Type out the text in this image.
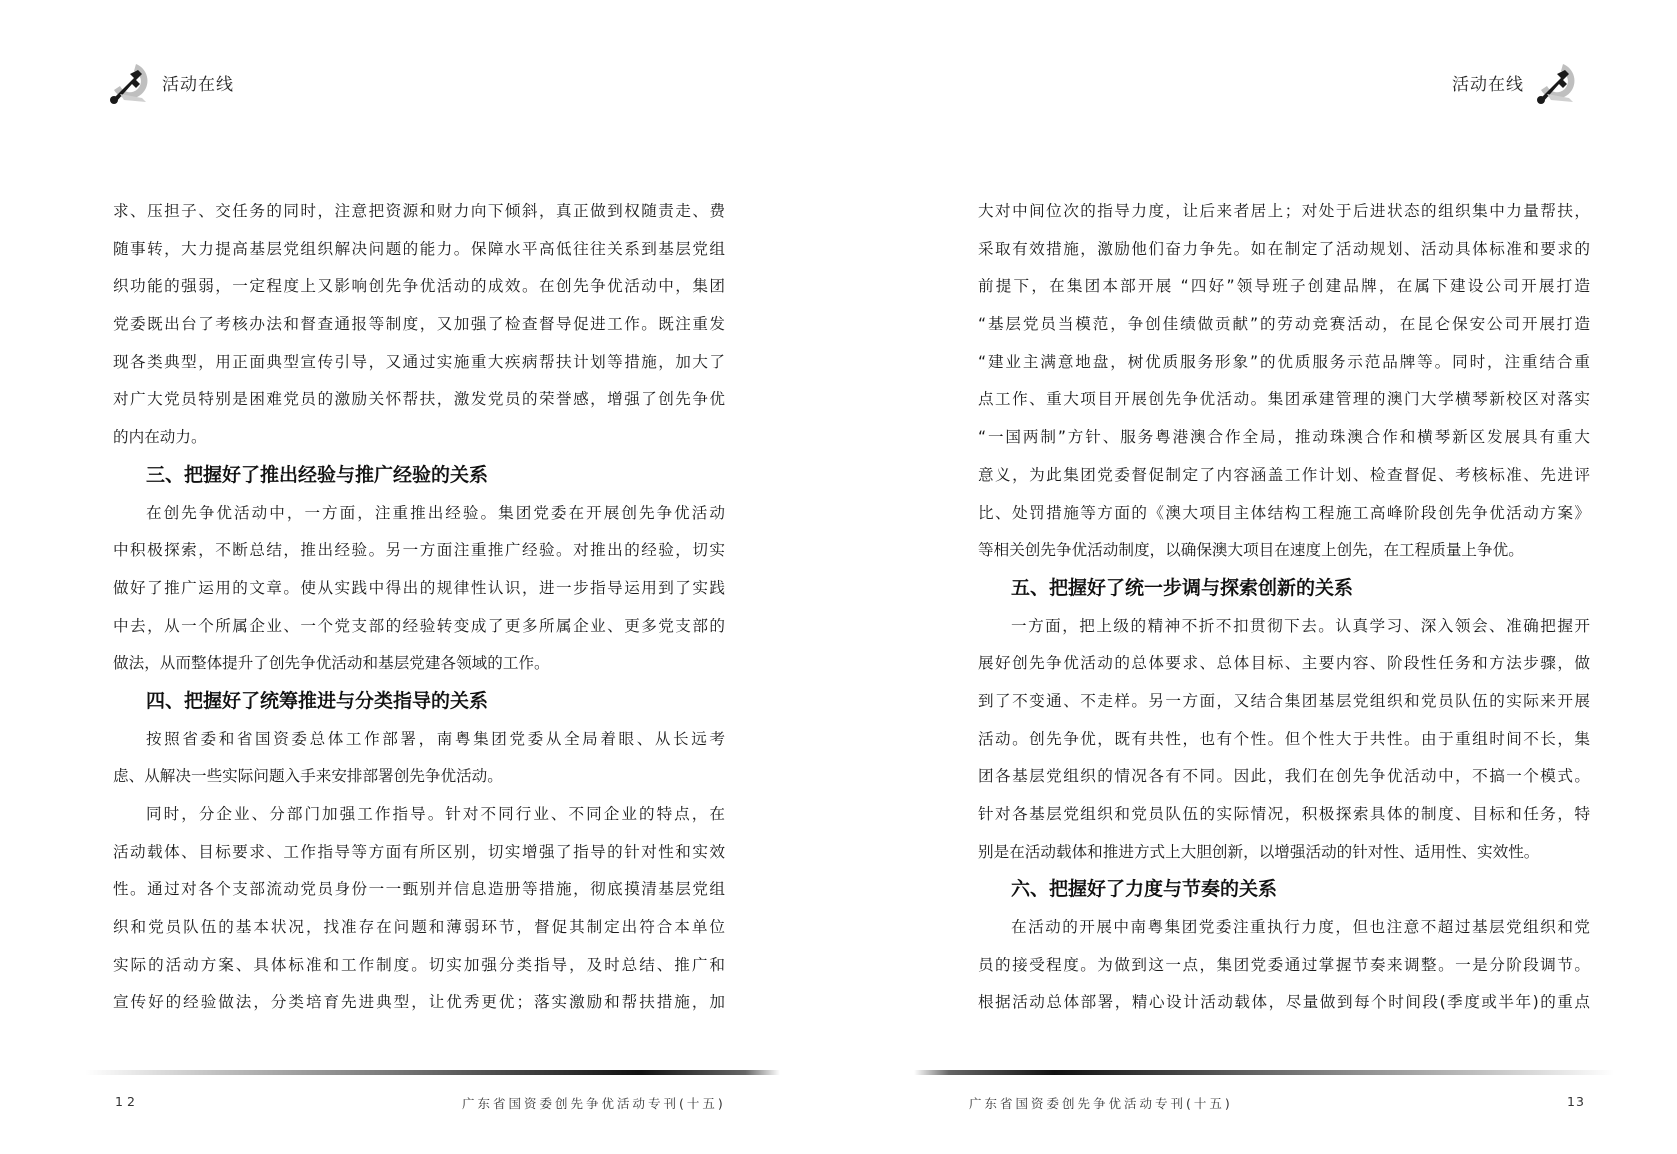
活动在线
求、压担子、交任务的同时，注意把资源和财力向下倾斜，真正做到权随责走、费
随事转，大力提高基层党组织解决问题的能力。保障水平高低往往关系到基层党组
织功能的强弱，一定程度上又影响创先争优活动的成效。在创先争优活动中，集团
党委既出台了考核办法和督查通报等制度，又加强了检查督导促进工作。既注重发
现各类典型，用正面典型宣传引导，又通过实施重大疾病帮扶计划等措施，加大了
对广大党员特别是困难党员的激励关怀帮扶，激发党员的荣誉感，增强了创先争优
的内在动力。
三、把握好了推出经验与推广经验的关系
在创先争优活动中，一方面，注重推出经验。集团党委在开展创先争优活动
中积极探索，不断总结，推出经验。另一方面注重推广经验。对推出的经验，切实
做好了推广运用的文章。使从实践中得出的规律性认识，进一步指导运用到了实践
中去，从一个所属企业、一个党支部的经验转变成了更多所属企业、更多党支部的
做法，从而整体提升了创先争优活动和基层党建各领域的工作。
四、把握好了统筹推进与分类指导的关系
按照省委和省国资委总体工作部署，南粤集团党委从全局着眼、从长远考
虑、从解决一些实际问题入手来安排部署创先争优活动。
同时，分企业、分部门加强工作指导。针对不同行业、不同企业的特点，在
活动载体、目标要求、工作指导等方面有所区别，切实增强了指导的针对性和实效
性。通过对各个支部流动党员身份一一甄别并信息造册等措施，彻底摸清基层党组
织和党员队伍的基本状况，找准存在问题和薄弱环节，督促其制定出符合本单位
实际的活动方案、具体标准和工作制度。切实加强分类指导，及时总结、推广和
宣传好的经验做法，分类培育先进典型，让优秀更优；落实激励和帮扶措施，加
12	广东省国资委创先争优活动专刊(十五)
活动在线
大对中间位次的指导力度，让后来者居上；对处于后进状态的组织集中力量帮扶，
采取有效措施，激励他们奋力争先。如在制定了活动规划、活动具体标准和要求的
前提下，在集团本部开展 “四好”领导班子创建品牌，在属下建设公司开展打造
“基层党员当模范，争创佳绩做贡献”的劳动竞赛活动，在昆仑保安公司开展打造
“建业主满意地盘，树优质服务形象”的优质服务示范品牌等。同时，注重结合重
点工作、重大项目开展创先争优活动。集团承建管理的澳门大学横琴新校区对落实
“一国两制”方针、服务粤港澳合作全局，推动珠澳合作和横琴新区发展具有重大
意义，为此集团党委督促制定了内容涵盖工作计划、检查督促、考核标准、先进评
比、处罚措施等方面的《澳大项目主体结构工程施工高峰阶段创先争优活动方案》
等相关创先争优活动制度，以确保澳大项目在速度上创先，在工程质量上争优。
五、把握好了统一步调与探索创新的关系
一方面，把上级的精神不折不扣贯彻下去。认真学习、深入领会、准确把握开
展好创先争优活动的总体要求、总体目标、主要内容、阶段性任务和方法步骤，做
到了不变通、不走样。另一方面，又结合集团基层党组织和党员队伍的实际来开展
活动。创先争优，既有共性，也有个性。但个性大于共性。由于重组时间不长，集
团各基层党组织的情况各有不同。因此，我们在创先争优活动中，不搞一个模式。
针对各基层党组织和党员队伍的实际情况，积极探索具体的制度、目标和任务，特
别是在活动载体和推进方式上大胆创新，以增强活动的针对性、适用性、实效性。
六、把握好了力度与节奏的关系
在活动的开展中南粤集团党委注重执行力度，但也注意不超过基层党组织和党
员的接受程度。为做到这一点，集团党委通过掌握节奏来调整。一是分阶段调节。
根据活动总体部署，精心设计活动载体，尽量做到每个时间段(季度或半年)的重点
广东省国资委创先争优活动专刊(十五)	13
